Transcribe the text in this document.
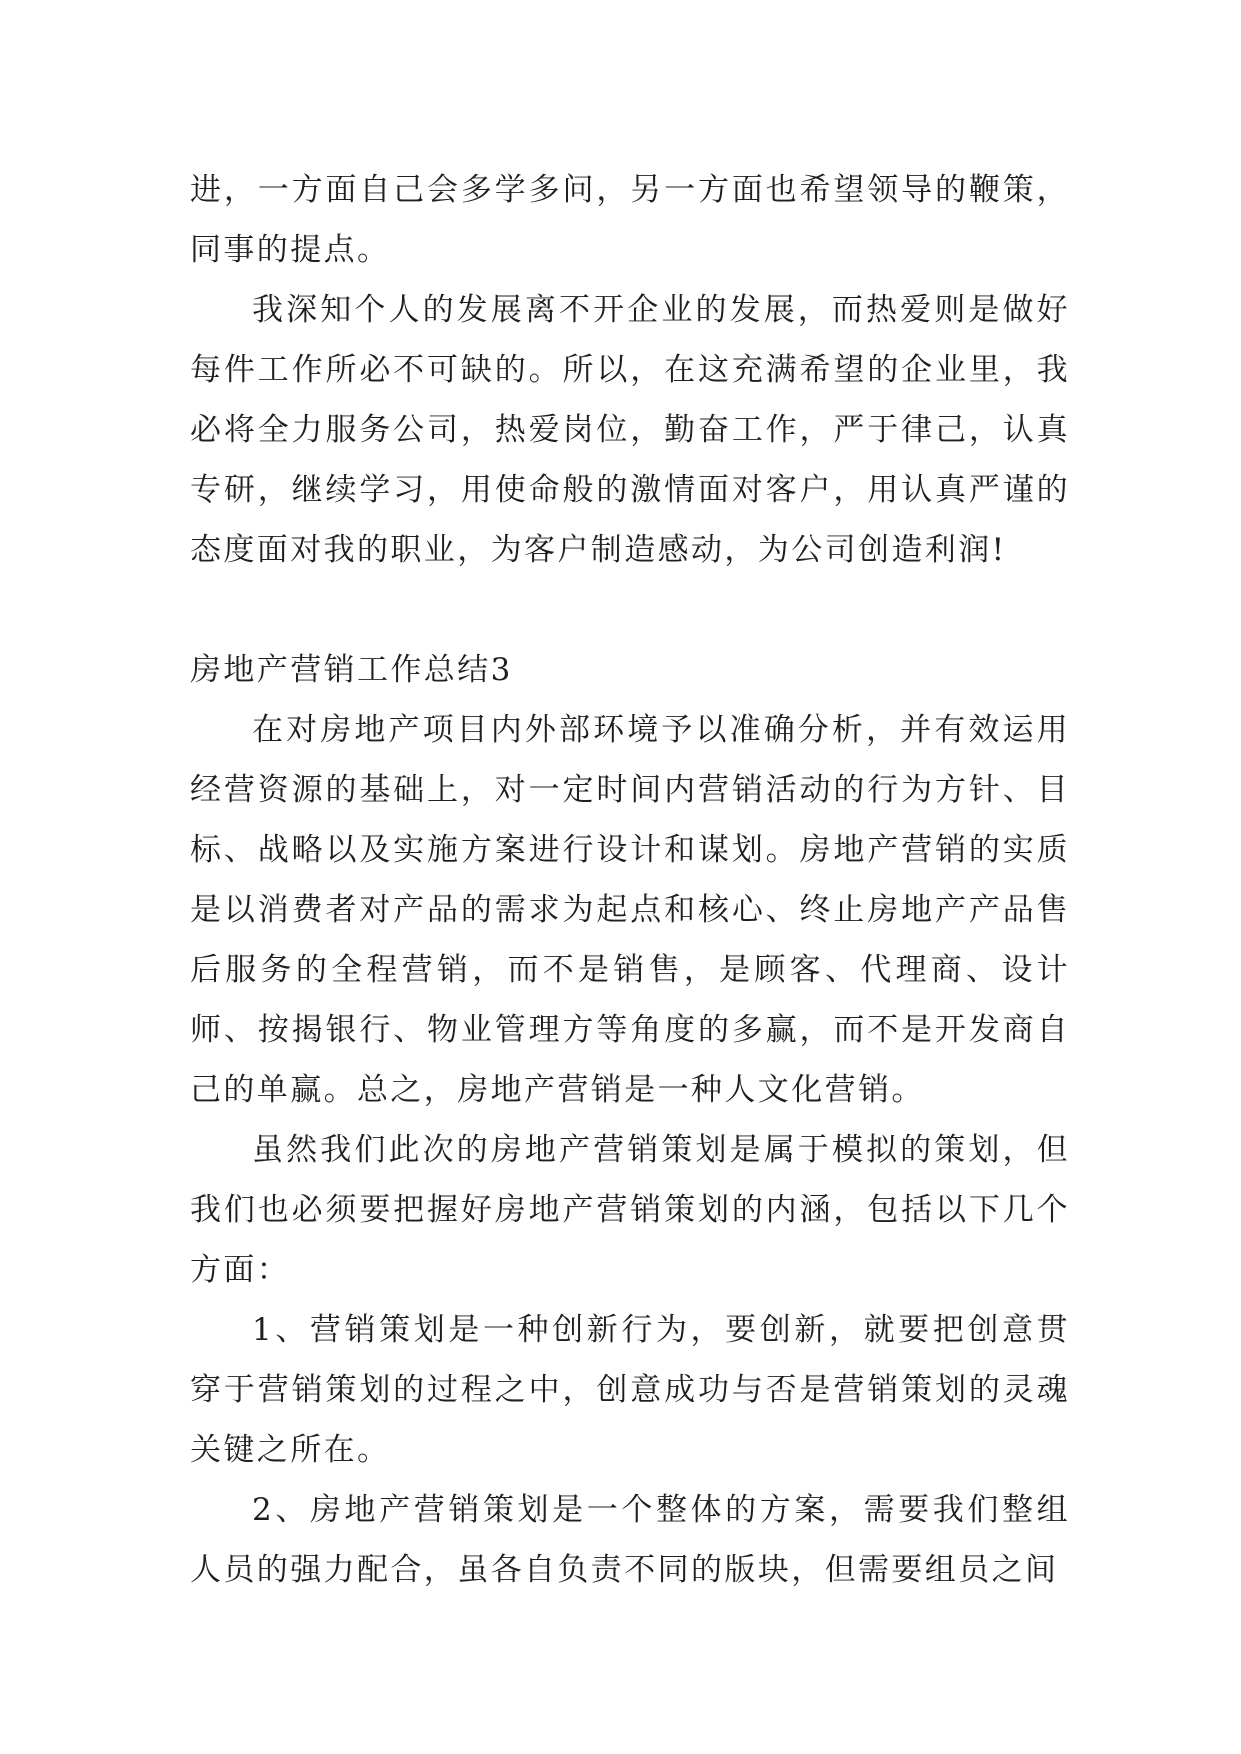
进，一方面自己会多学多问，另一方面也希望领导的鞭策，同事的提点。

我深知个人的发展离不开企业的发展，而热爱则是做好每件工作所必不可缺的。所以，在这充满希望的企业里，我必将全力服务公司，热爱岗位，勤奋工作，严于律己，认真专研，继续学习，用使命般的激情面对客户，用认真严谨的态度面对我的职业，为客户制造感动，为公司创造利润!

房地产营销工作总结3

在对房地产项目内外部环境予以准确分析，并有效运用经营资源的基础上，对一定时间内营销活动的行为方针、目标、战略以及实施方案进行设计和谋划。房地产营销的实质是以消费者对产品的需求为起点和核心、终止房地产产品售后服务的全程营销，而不是销售，是顾客、代理商、设计师、按揭银行、物业管理方等角度的多赢，而不是开发商自己的单赢。总之，房地产营销是一种人文化营销。

虽然我们此次的房地产营销策划是属于模拟的策划，但我们也必须要把握好房地产营销策划的内涵，包括以下几个方面：

1、营销策划是一种创新行为，要创新，就要把创意贯穿于营销策划的过程之中，创意成功与否是营销策划的灵魂关键之所在。

2、房地产营销策划是一个整体的方案，需要我们整组人员的强力配合，虽各自负责不同的版块，但需要组员之间
